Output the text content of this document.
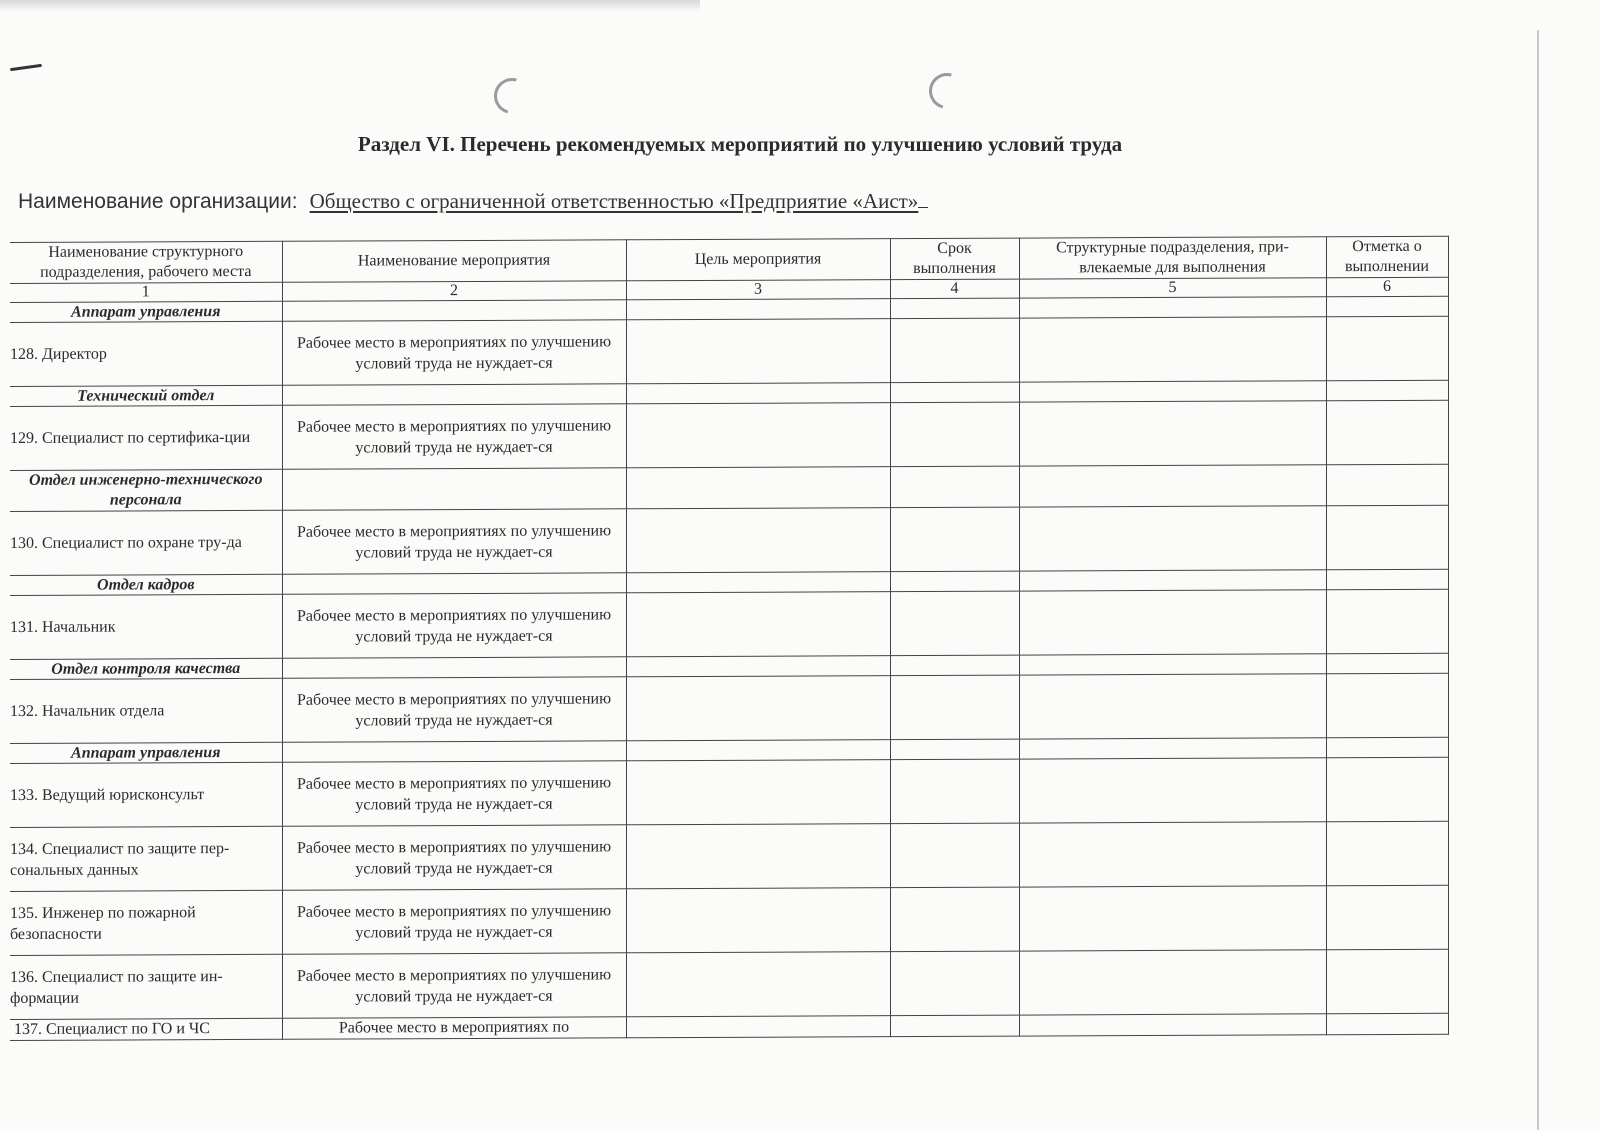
Раздел VI. Перечень рекомендуемых мероприятий по улучшению условий труда
Наименование организации: Общество с ограниченной ответственностью «Предприятие «Аист»
Наименование структурного подразделения, рабочего места	Наименование мероприятия	Цель мероприятия	Срок выполнения	Структурные подразделения, при-влекаемые для выполнения	Отметка о выполнении
1	2	3	4	5	6
Аппарат управления					
128. Директор	Рабочее место в мероприятиях по улучшению условий труда не нуждает-ся				
Технический отдел					
129. Специалист по сертифика-ции	Рабочее место в мероприятиях по улучшению условий труда не нуждает-ся				
Отдел инженерно-технического персонала					
130. Специалист по охране тру-да	Рабочее место в мероприятиях по улучшению условий труда не нуждает-ся				
Отдел кадров					
131. Начальник	Рабочее место в мероприятиях по улучшению условий труда не нуждает-ся				
Отдел контроля качества					
132. Начальник отдела	Рабочее место в мероприятиях по улучшению условий труда не нуждает-ся				
Аппарат управления					
133. Ведущий юрисконсульт	Рабочее место в мероприятиях по улучшению условий труда не нуждает-ся				
134. Специалист по защите пер-сональных данных	Рабочее место в мероприятиях по улучшению условий труда не нуждает-ся				
135. Инженер по пожарной безопасности	Рабочее место в мероприятиях по улучшению условий труда не нуждает-ся				
136. Специалист по защите ин-формации	Рабочее место в мероприятиях по улучшению условий труда не нуждает-ся				
137. Специалист по ГО и ЧС	Рабочее место в мероприятиях по				
